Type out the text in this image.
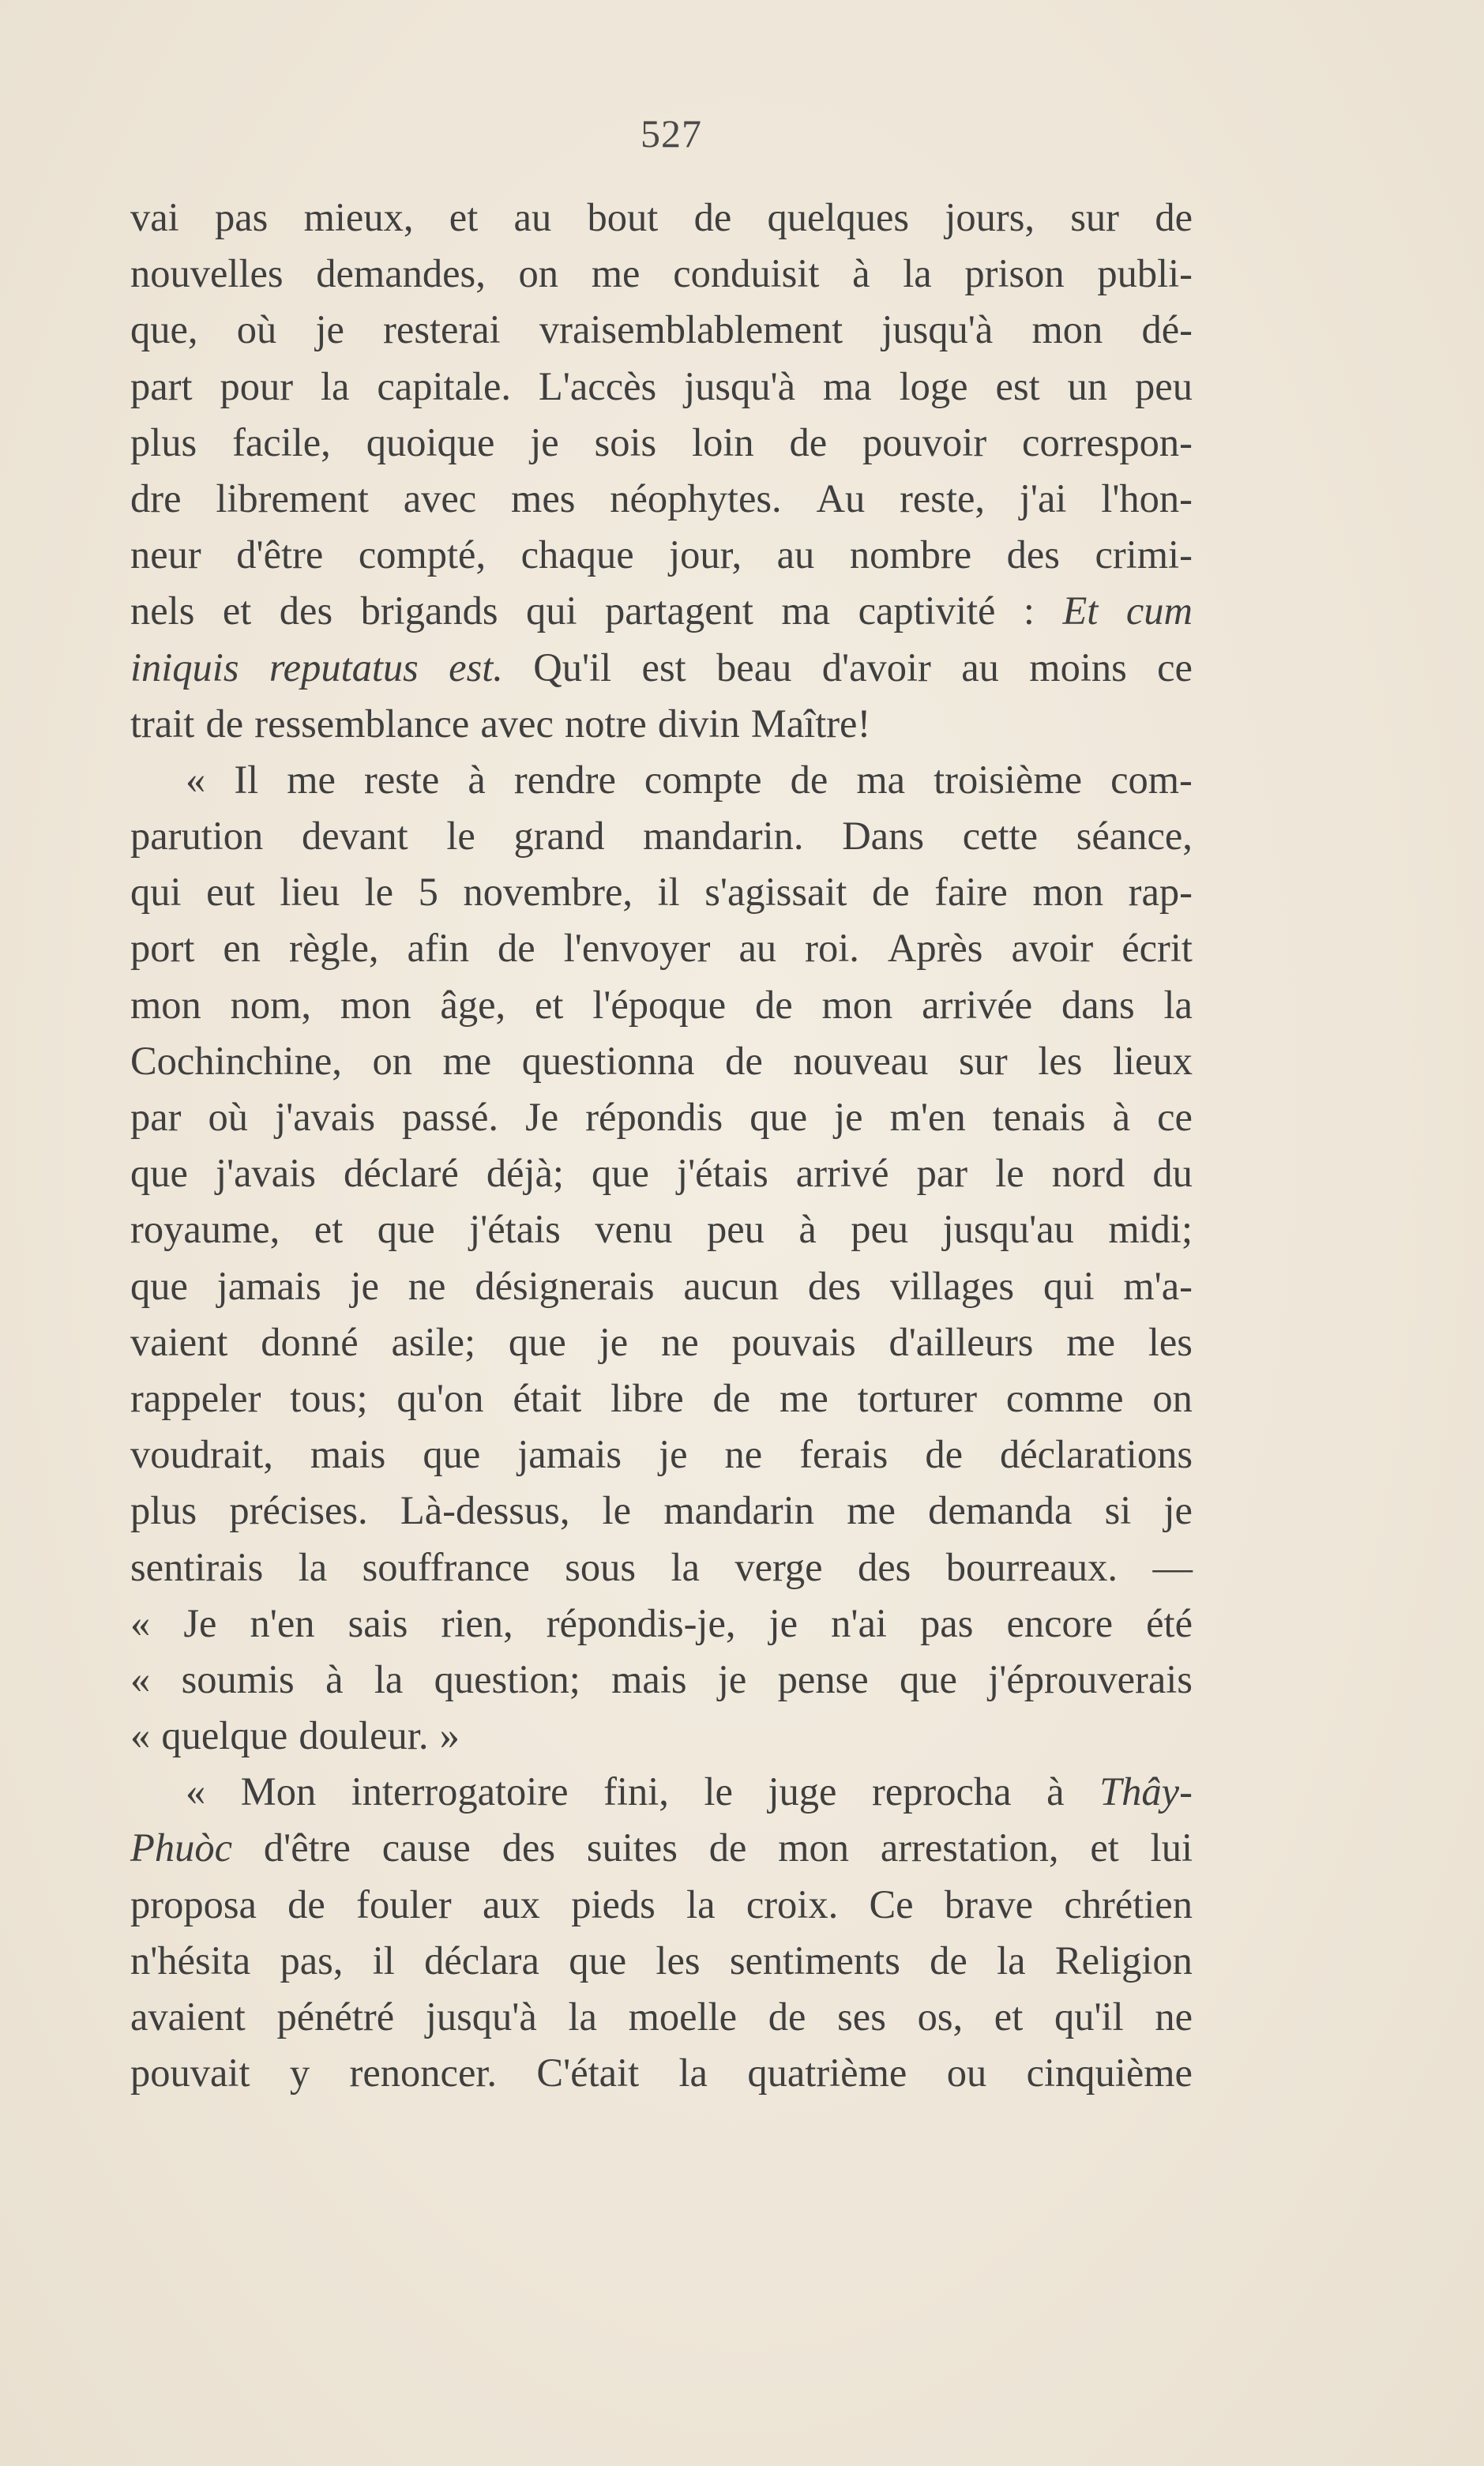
527
vai pas mieux, et au bout de quelques jours, sur de
nouvelles demandes, on me conduisit à la prison publi-
que, où je resterai vraisemblablement jusqu'à mon dé-
part pour la capitale. L'accès jusqu'à ma loge est un peu
plus facile, quoique je sois loin de pouvoir correspon-
dre librement avec mes néophytes. Au reste, j'ai l'hon-
neur d'être compté, chaque jour, au nombre des crimi-
nels et des brigands qui partagent ma captivité : Et cum
iniquis reputatus est. Qu'il est beau d'avoir au moins ce
trait de ressemblance avec notre divin Maître!
« Il me reste à rendre compte de ma troisième com-
parution devant le grand mandarin. Dans cette séance,
qui eut lieu le 5 novembre, il s'agissait de faire mon rap-
port en règle, afin de l'envoyer au roi. Après avoir écrit
mon nom, mon âge, et l'époque de mon arrivée dans la
Cochinchine, on me questionna de nouveau sur les lieux
par où j'avais passé. Je répondis que je m'en tenais à ce
que j'avais déclaré déjà; que j'étais arrivé par le nord du
royaume, et que j'étais venu peu à peu jusqu'au midi;
que jamais je ne désignerais aucun des villages qui m'a-
vaient donné asile; que je ne pouvais d'ailleurs me les
rappeler tous; qu'on était libre de me torturer comme on
voudrait, mais que jamais je ne ferais de déclarations
plus précises. Là-dessus, le mandarin me demanda si je
sentirais la souffrance sous la verge des bourreaux. —
« Je n'en sais rien, répondis-je, je n'ai pas encore été
« soumis à la question; mais je pense que j'éprouverais
« quelque douleur. »
« Mon interrogatoire fini, le juge reprocha à Thây-
Phuòc d'être cause des suites de mon arrestation, et lui
proposa de fouler aux pieds la croix. Ce brave chrétien
n'hésita pas, il déclara que les sentiments de la Religion
avaient pénétré jusqu'à la moelle de ses os, et qu'il ne
pouvait y renoncer. C'était la quatrième ou cinquième
